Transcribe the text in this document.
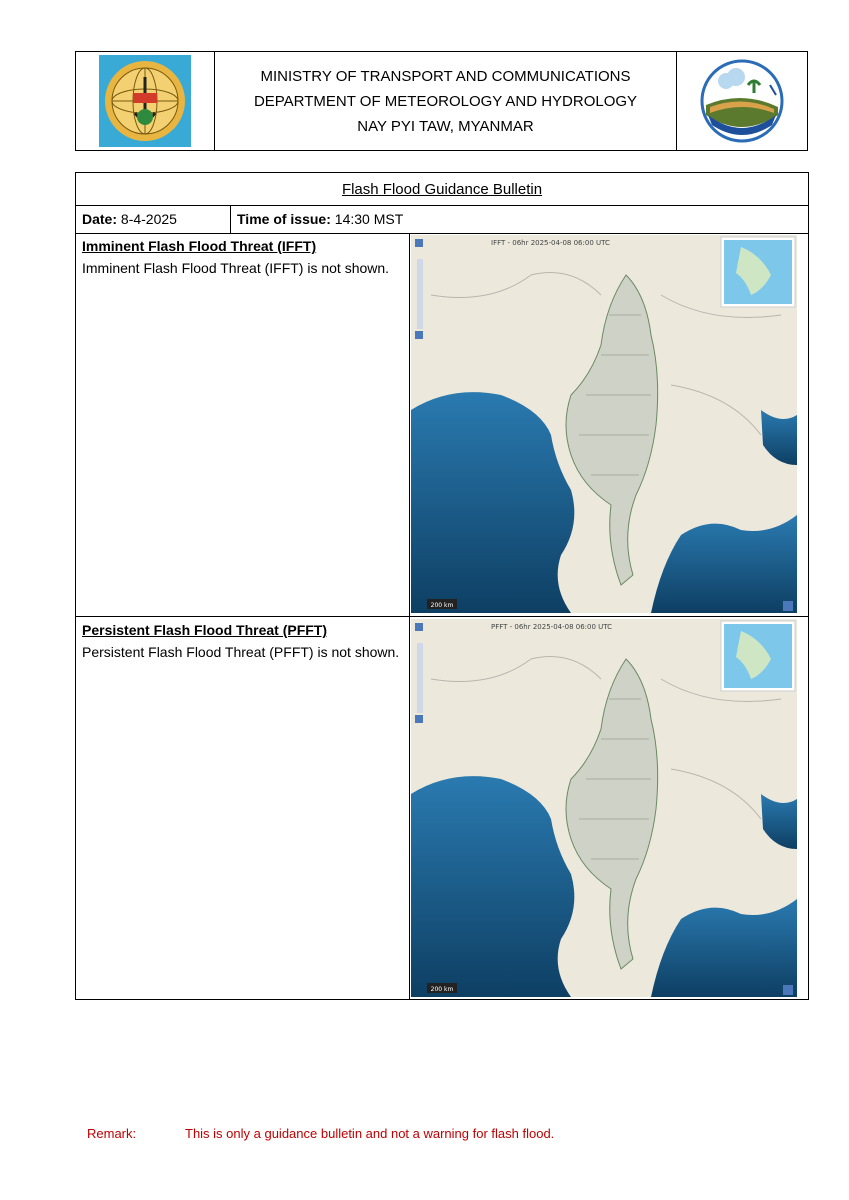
MINISTRY OF TRANSPORT AND COMMUNICATIONS
DEPARTMENT OF METEOROLOGY AND HYDROLOGY
NAY PYI TAW, MYANMAR
Flash Flood Guidance Bulletin
Date:
8-4-2025	Time of issue:
14:30 MST
Imminent Flash Flood Threat (IFFT)
Imminent Flash Flood Threat (IFFT) is not shown.
200 km
IFFT - 06hr 2025-04-08 06:00 UTC
Persistent Flash Flood Threat (PFFT)
Persistent Flash Flood Threat (PFFT) is not shown.
200 km
PFFT - 06hr 2025-04-08 06:00 UTC
Remark:	This is only a guidance bulletin and not a warning for flash flood.
